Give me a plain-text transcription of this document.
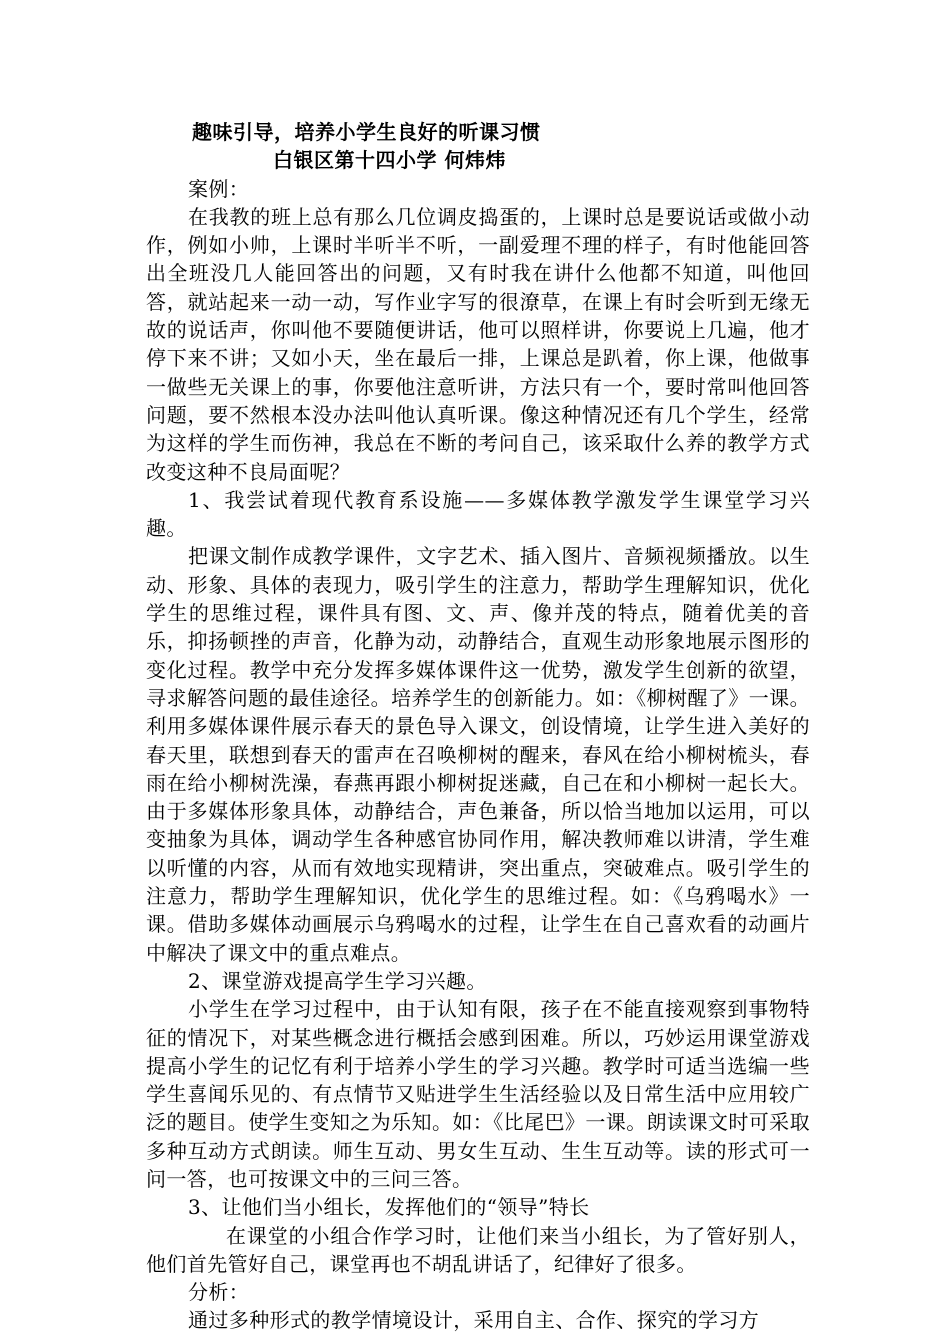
趣味引导，培养小学生良好的听课习惯

白银区第十四小学 何炜炜

案例：

在我教的班上总有那么几位调皮捣蛋的，上课时总是要说话或做小动作，例如小帅，上课时半听半不听，一副爱理不理的样子，有时他能回答出全班没几人能回答出的问题，又有时我在讲什么他都不知道，叫他回答，就站起来一动一动，写作业字写的很潦草，在课上有时会听到无缘无故的说话声，你叫他不要随便讲话，他可以照样讲，你要说上几遍，他才停下来不讲；又如小天，坐在最后一排，上课总是趴着，你上课，他做事一做些无关课上的事，你要他注意听讲，方法只有一个，要时常叫他回答问题，要不然根本没办法叫他认真听课。像这种情况还有几个学生，经常为这样的学生而伤神，我总在不断的考问自己，该采取什么养的教学方式改变这种不良局面呢？

1、我尝试着现代教育系设施——多媒体教学激发学生课堂学习兴趣。

把课文制作成教学课件，文字艺术、插入图片、音频视频播放。以生动、形象、具体的表现力，吸引学生的注意力，帮助学生理解知识，优化学生的思维过程，课件具有图、文、声、像并茂的特点，随着优美的音乐，抑扬顿挫的声音，化静为动，动静结合，直观生动形象地展示图形的变化过程。教学中充分发挥多媒体课件这一优势，激发学生创新的欲望，寻求解答问题的最佳途径。培养学生的创新能力。如：《柳树醒了》一课。利用多媒体课件展示春天的景色导入课文，创设情境，让学生进入美好的春天里，联想到春天的雷声在召唤柳树的醒来，春风在给小柳树梳头，春雨在给小柳树洗澡，春燕再跟小柳树捉迷藏，自己在和小柳树一起长大。由于多媒体形象具体，动静结合，声色兼备，所以恰当地加以运用，可以变抽象为具体，调动学生各种感官协同作用，解决教师难以讲清，学生难以听懂的内容，从而有效地实现精讲，突出重点，突破难点。吸引学生的注意力，帮助学生理解知识，优化学生的思维过程。如：《乌鸦喝水》一课。借助多媒体动画展示乌鸦喝水的过程，让学生在自己喜欢看的动画片中解决了课文中的重点难点。

2、课堂游戏提高学生学习兴趣。

小学生在学习过程中，由于认知有限，孩子在不能直接观察到事物特征的情况下，对某些概念进行概括会感到困难。所以，巧妙运用课堂游戏提高小学生的记忆有利于培养小学生的学习兴趣。教学时可适当选编一些学生喜闻乐见的、有点情节又贴进学生生活经验以及日常生活中应用较广泛的题目。使学生变知之为乐知。如：《比尾巴》一课。朗读课文时可采取多种互动方式朗读。师生互动、男女生互动、生生互动等。读的形式可一问一答，也可按课文中的三问三答。

3、让他们当小组长，发挥他们的“领导”特长

在课堂的小组合作学习时，让他们来当小组长，为了管好别人，他们首先管好自己，课堂再也不胡乱讲话了，纪律好了很多。

分析：

通过多种形式的教学情境设计，采用自主、合作、探究的学习方
